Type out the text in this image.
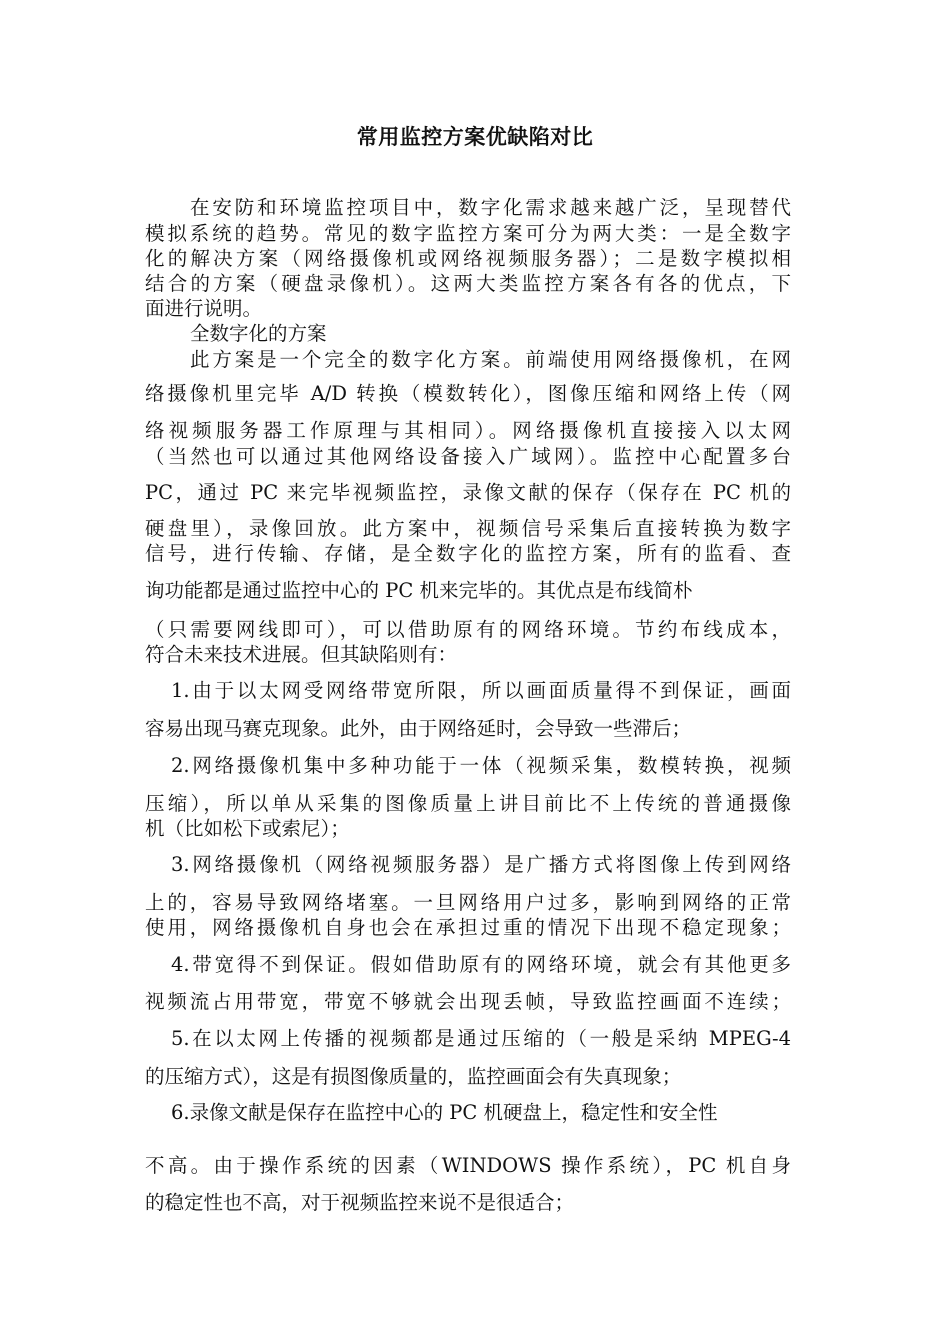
常用监控方案优缺陷对比
在安防和环境监控项目中，数字化需求越来越广泛，呈现替代
模拟系统的趋势。常见的数字监控方案可分为两大类：一是全数字
化的解决方案（网络摄像机或网络视频服务器）；二是数字模拟相
结合的方案（硬盘录像机）。这两大类监控方案各有各的优点，下
面进行说明。
全数字化的方案
此方案是一个完全的数字化方案。前端使用网络摄像机，在网
络摄像机里完毕 A/D 转换（模数转化），图像压缩和网络上传（网
络视频服务器工作原理与其相同）。网络摄像机直接接入以太网
（当然也可以通过其他网络设备接入广域网）。监控中心配置多台
PC，通过 PC 来完毕视频监控，录像文献的保存（保存在 PC 机的
硬盘里），录像回放。此方案中，视频信号采集后直接转换为数字
信号，进行传输、存储，是全数字化的监控方案，所有的监看、查
询功能都是通过监控中心的 PC 机来完毕的。其优点是布线简朴
（只需要网线即可），可以借助原有的网络环境。节约布线成本，
符合未来技术进展。但其缺陷则有：
1.由于以太网受网络带宽所限，所以画面质量得不到保证，画面
容易出现马赛克现象。此外，由于网络延时，会导致一些滞后；
2.网络摄像机集中多种功能于一体（视频采集，数模转换，视频
压缩），所以单从采集的图像质量上讲目前比不上传统的普通摄像
机（比如松下或索尼）；
3.网络摄像机（网络视频服务器）是广播方式将图像上传到网络
上的，容易导致网络堵塞。一旦网络用户过多，影响到网络的正常
使用，网络摄像机自身也会在承担过重的情况下出现不稳定现象；
4.带宽得不到保证。假如借助原有的网络环境，就会有其他更多
视频流占用带宽，带宽不够就会出现丢帧，导致监控画面不连续；
5.在以太网上传播的视频都是通过压缩的（一般是采纳 MPEG-4
的压缩方式），这是有损图像质量的，监控画面会有失真现象；
6.录像文献是保存在监控中心的 PC 机硬盘上，稳定性和安全性
不高。由于操作系统的因素（WINDOWS 操作系统），PC 机自身
的稳定性也不高，对于视频监控来说不是很适合；
